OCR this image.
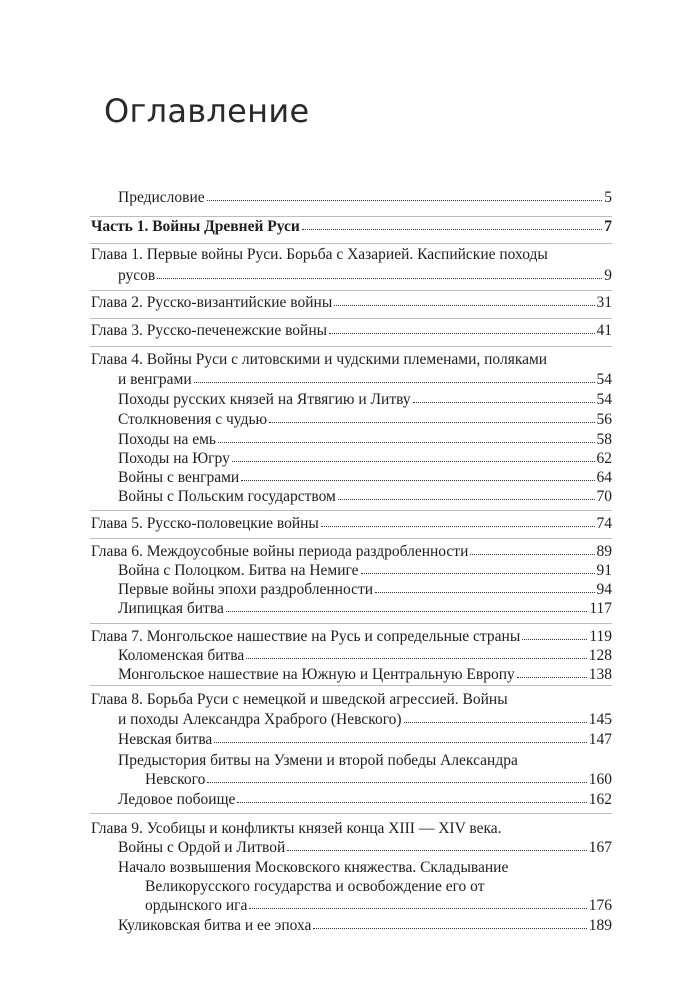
Оглавление
Предисловие	5
Часть 1. Войны Древней Руси	7
Глава 1. Первые войны Руси. Борьба с Хазарией. Каспийские походы
русов	9
Глава 2. Русско-византийские войны	31
Глава 3. Русско-печенежские войны	41
Глава 4. Войны Руси с литовскими и чудскими племенами, поляками
и венграми	54
Походы русских князей на Ятвягию и Литву	54
Столкновения с чудью	56
Походы на емь	58
Походы на Югру	62
Войны с венграми	64
Войны с Польским государством	70
Глава 5. Русско-половецкие войны	74
Глава 6. Междоусобные войны периода раздробленности	89
Война с Полоцком. Битва на Немиге	91
Первые войны эпохи раздробленности	94
Липицкая битва	117
Глава 7. Монгольское нашествие на Русь и сопредельные страны	119
Коломенская битва	128
Монгольское нашествие на Южную и Центральную Европу	138
Глава 8. Борьба Руси с немецкой и шведской агрессией. Войны
и походы Александра Храброго (Невского)	145
Невская битва	147
Предыстория битвы на Узмени и второй победы Александра
Невского	160
Ледовое побоище	162
Глава 9. Усобицы и конфликты князей конца XIII — XIV века.
Войны с Ордой и Литвой	167
Начало возвышения Московского княжества. Складывание
Великорусского государства и освобождение его от
ордынского ига	176
Куликовская битва и ее эпоха	189
